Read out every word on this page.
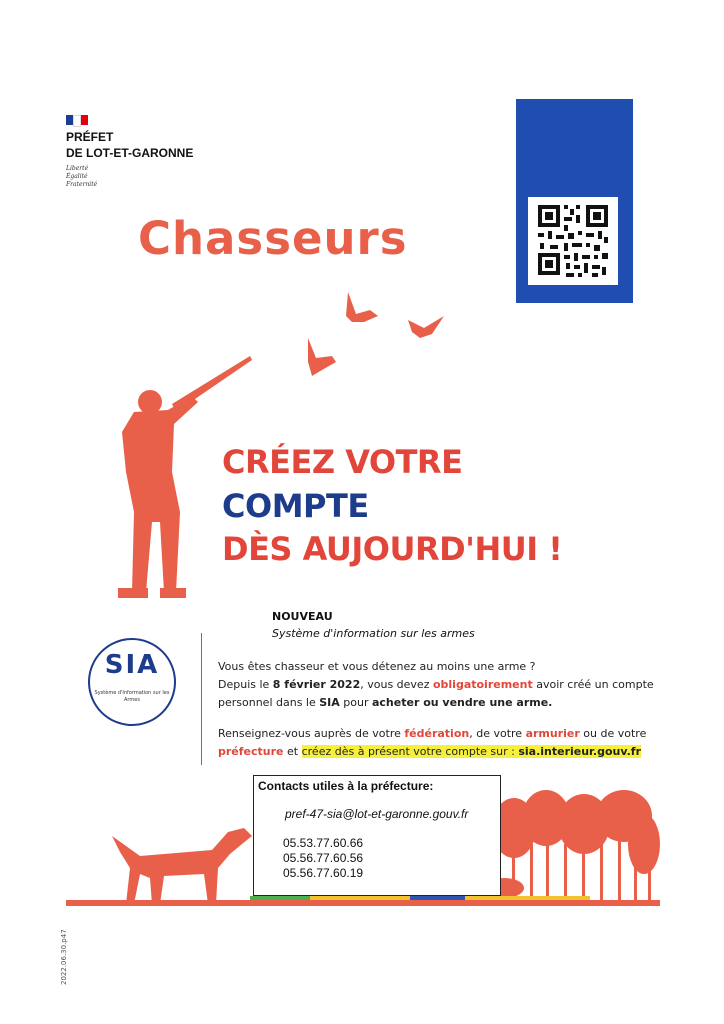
PRÉFET
DE LOT-ET-GARONNE
Liberté
Égalité
Fraternité
Chasseurs
CRÉEZ VOTRE
COMPTE
DÈS AUJOURD'HUI !
NOUVEAU
Système d'information sur les armes
SIA
Système d'Information sur les Armes
Vous êtes chasseur et vous détenez au moins une arme ?
Depuis le 8 février 2022, vous devez obligatoirement avoir créé un compte
personnel dans le SIA pour acheter ou vendre une arme.
Renseignez-vous auprès de votre fédération, de votre armurier ou de votre
préfecture et créez dès à présent votre compte sur : sia.interieur.gouv.fr
Contacts utiles à la préfecture:
pref-47-sia@lot-et-garonne.gouv.fr
05.53.77.60.66
05.56.77.60.56
05.56.77.60.19
2022.06.30.p47
